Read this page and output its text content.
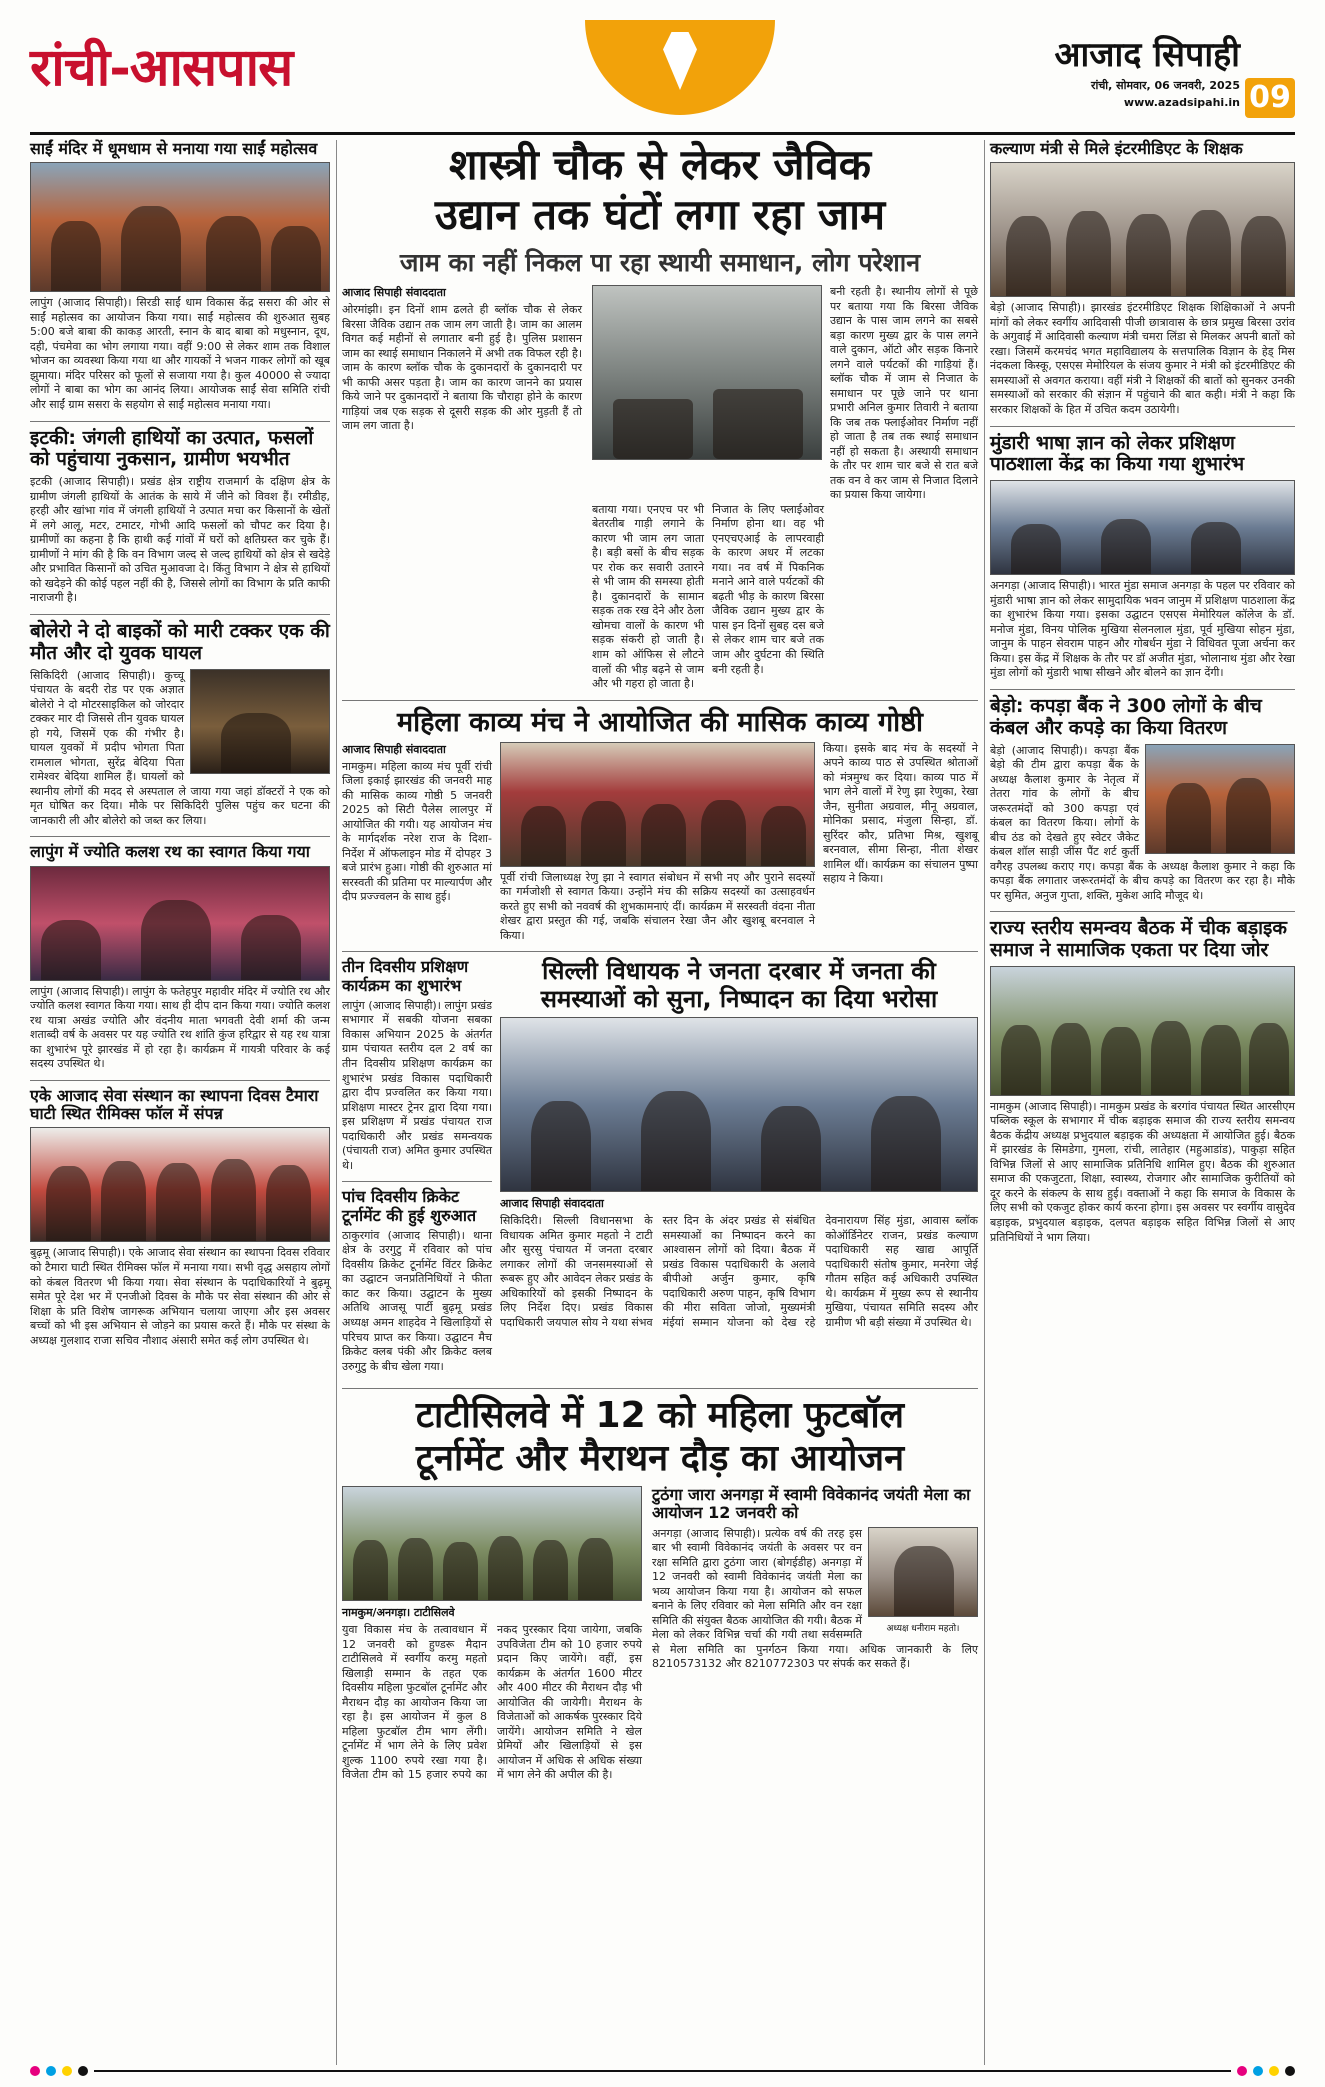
रांची-आसपास	आजाद सिपाही
रांची, सोमवार, 06 जनवरी, 2025
www.azadsipahi.in 09
साईं मंदिर में धूमधाम से मनाया गया साईं महोत्सव
लापुंग (आजाद सिपाही)। सिरडी साईं धाम विकास केंद्र ससरा की ओर से साईं महोत्सव का आयोजन किया गया। साईं महोत्सव की शुरुआत सुबह 5:00 बजे बाबा की काकड़ आरती, स्नान के बाद बाबा को मधुस्नान, दूध, दही, पंचमेवा का भोग लगाया गया। वहीं 9:00 से लेकर शाम तक विशाल भोजन का व्यवस्था किया गया था और गायकों ने भजन गाकर लोगों को खूब झुमाया। मंदिर परिसर को फूलों से सजाया गया है। कुल 40000 से ज्यादा लोगों ने बाबा का भोग का आनंद लिया। आयोजक साईं सेवा समिति रांची और साईं ग्राम ससरा के सहयोग से साईं महोत्सव मनाया गया।
इटकी: जंगली हाथियों का उत्पात, फसलों को पहुंचाया नुकसान, ग्रामीण भयभीत
इटकी (आजाद सिपाही)। प्रखंड क्षेत्र राष्ट्रीय राजमार्ग के दक्षिण क्षेत्र के ग्रामीण जंगली हाथियों के आतंक के साये में जीने को विवश हैं। रमीडीह, हरही और खांभा गांव में जंगली हाथियों ने उत्पात मचा कर किसानों के खेतों में लगे आलू, मटर, टमाटर, गोभी आदि फसलों को चौपट कर दिया है। ग्रामीणों का कहना है कि हाथी कई गांवों में घरों को क्षतिग्रस्त कर चुके हैं। ग्रामीणों ने मांग की है कि वन विभाग जल्द से जल्द हाथियों को क्षेत्र से खदेड़े और प्रभावित किसानों को उचित मुआवजा दे। किंतु विभाग ने क्षेत्र से हाथियों को खदेड़ने की कोई पहल नहीं की है, जिससे लोगों का विभाग के प्रति काफी नाराजगी है।
बोलेरो ने दो बाइकों को मारी टक्कर एक की मौत और दो युवक घायल
सिकिदिरी (आजाद सिपाही)। कुच्चू पंचायत के बदरी रोड पर एक अज्ञात बोलेरो ने दो मोटरसाइकिल को जोरदार टक्कर मार दी जिससे तीन युवक घायल हो गये, जिसमें एक की गंभीर है। घायल युवकों में प्रदीप भोगता पिता रामलाल भोगता, सुरेंद्र बेदिया पिता रामेश्वर बेदिया शामिल हैं। घायलों को स्थानीय लोगों की मदद से अस्पताल ले जाया गया जहां डॉक्टरों ने एक को मृत घोषित कर दिया। मौके पर सिकिदिरी पुलिस पहुंच कर घटना की जानकारी ली और बोलेरो को जब्त कर लिया।
लापुंग में ज्योति कलश रथ का स्वागत किया गया
लापुंग (आजाद सिपाही)। लापुंग के फतेहपुर महावीर मंदिर में ज्योति रथ और ज्योति कलश स्वागत किया गया। साथ ही दीप दान किया गया। ज्योति कलश रथ यात्रा अखंड ज्योति और वंदनीय माता भगवती देवी शर्मा की जन्म शताब्दी वर्ष के अवसर पर यह ज्योति रथ शांति कुंज हरिद्वार से यह रथ यात्रा का शुभारंभ पूरे झारखंड में हो रहा है। कार्यक्रम में गायत्री परिवार के कई सदस्य उपस्थित थे।
एके आजाद सेवा संस्थान का स्थापना दिवस टैमारा घाटी स्थित रीमिक्स फॉल में संपन्न
बुढ़मू (आजाद सिपाही)। एके आजाद सेवा संस्थान का स्थापना दिवस रविवार को टैमारा घाटी स्थित रीमिक्स फॉल में मनाया गया। सभी वृद्ध असहाय लोगों को कंबल वितरण भी किया गया। सेवा संस्थान के पदाधिकारियों ने बुढ़मू समेत पूरे देश भर में एनजीओ दिवस के मौके पर सेवा संस्थान की ओर से शिक्षा के प्रति विशेष जागरूक अभियान चलाया जाएगा और इस अवसर बच्चों को भी इस अभियान से जोड़ने का प्रयास करते हैं। मौके पर संस्था के अध्यक्ष गुलशाद राजा सचिव नौशाद अंसारी समेत कई लोग उपस्थित थे।
शास्त्री चौक से लेकर जैविक
उद्यान तक घंटों लगा रहा जाम
जाम का नहीं निकल पा रहा स्थायी समाधान, लोग परेशान
आजाद सिपाही संवाददाता
ओरमांझी। इन दिनों शाम ढलते ही ब्लॉक चौक से लेकर बिरसा जैविक उद्यान तक जाम लग जाती है। जाम का आलम विगत कई महीनों से लगातार बनी हुई है। पुलिस प्रशासन जाम का स्थाई समाधान निकालने में अभी तक विफल रही है। जाम के कारण ब्लॉक चौक के दुकानदारों के दुकानदारी पर भी काफी असर पड़ता है। जाम का कारण जानने का प्रयास किये जाने पर दुकानदारों ने बताया कि चौराहा होने के कारण गाड़ियां जब एक सड़क से दूसरी सड़क की ओर मुड़ती हैं तो जाम लग जाता है।
बनी रहती है। स्थानीय लोगों से पूछे पर बताया गया कि बिरसा जैविक उद्यान के पास जाम लगने का सबसे बड़ा कारण मुख्य द्वार के पास लगने वाले दुकान, ऑटो और सड़क किनारे लगने वाले पर्यटकों की गाड़ियां हैं। ब्लॉक चौक में जाम से निजात के समाधान पर पूछे जाने पर थाना प्रभारी अनिल कुमार तिवारी ने बताया कि जब तक फ्लाईओवर निर्माण नहीं हो जाता है तब तक स्थाई समाधान नहीं हो सकता है। अस्थायी समाधान के तौर पर शाम चार बजे से रात बजे तक वन वे कर जाम से निजात दिलाने का प्रयास किया जायेगा।
बताया गया। एनएच पर भी बेतरतीब गाड़ी लगाने के कारण भी जाम लग जाता है। बड़ी बसों के बीच सड़क पर रोक कर सवारी उतारने से भी जाम की समस्या होती है। दुकानदारों के सामान सड़क तक रख देने और ठेला खोमचा वालों के कारण भी सड़क संकरी हो जाती है। शाम को ऑफिस से लौटने वालों की भीड़ बढ़ने से जाम और भी गहरा हो जाता है।
निजात के लिए फ्लाईओवर निर्माण होना था। वह भी एनएचएआई के लापरवाही के कारण अधर में लटका गया। नव वर्ष में पिकनिक मनाने आने वाले पर्यटकों की बढ़ती भीड़ के कारण बिरसा जैविक उद्यान मुख्य द्वार के पास इन दिनों सुबह दस बजे से लेकर शाम चार बजे तक जाम और दुर्घटना की स्थिति बनी रहती है।
महिला काव्य मंच ने आयोजित की मासिक काव्य गोष्ठी
आजाद सिपाही संवाददाता
नामकुम। महिला काव्य मंच पूर्वी रांची जिला इकाई झारखंड की जनवरी माह की मासिक काव्य गोष्ठी 5 जनवरी 2025 को सिटी पैलेस लालपुर में आयोजित की गयी। यह आयोजन मंच के मार्गदर्शक नरेश राज के दिशा-निर्देश में ऑफलाइन मोड में दोपहर 3 बजे प्रारंभ हुआ। गोष्ठी की शुरुआत मां सरस्वती की प्रतिमा पर माल्यार्पण और दीप प्रज्ज्वलन के साथ हुई।
पूर्वी रांची जिलाध्यक्ष रेणु झा ने स्वागत संबोधन में सभी नए और पुराने सदस्यों का गर्मजोशी से स्वागत किया। उन्होंने मंच की सक्रिय सदस्यों का उत्साहवर्धन करते हुए सभी को नववर्ष की शुभकामनाएं दीं। कार्यक्रम में सरस्वती वंदना नीता शेखर द्वारा प्रस्तुत की गई, जबकि संचालन रेखा जैन और खुशबू बरनवाल ने किया।
किया। इसके बाद मंच के सदस्यों ने अपने काव्य पाठ से उपस्थित श्रोताओं को मंत्रमुग्ध कर दिया। काव्य पाठ में भाग लेने वालों में रेणु झा रेणुका, रेखा जैन, सुनीता अग्रवाल, मीनू अग्रवाल, मोनिका प्रसाद, मंजुला सिन्हा, डॉ. सुरिंदर कौर, प्रतिभा मिश्र, खुशबू बरनवाल, सीमा सिन्हा, नीता शेखर शामिल थीं। कार्यक्रम का संचालन पुष्पा सहाय ने किया।
तीन दिवसीय प्रशिक्षण कार्यक्रम का शुभारंभ
लापुंग (आजाद सिपाही)। लापुंग प्रखंड सभागार में सबकी योजना सबका विकास अभियान 2025 के अंतर्गत ग्राम पंचायत स्तरीय दल 2 वर्ष का तीन दिवसीय प्रशिक्षण कार्यक्रम का शुभारंभ प्रखंड विकास पदाधिकारी द्वारा दीप प्रज्वलित कर किया गया। प्रशिक्षण मास्टर ट्रेनर द्वारा दिया गया। इस प्रशिक्षण में प्रखंड पंचायत राज पदाधिकारी और प्रखंड समन्वयक (पंचायती राज) अमित कुमार उपस्थित थे।
पांच दिवसीय क्रिकेट टूर्नामेंट की हुई शुरुआत
ठाकुरगांव (आजाद सिपाही)। थाना क्षेत्र के उरगुटु में रविवार को पांच दिवसीय क्रिकेट टूर्नामेंट विंटर क्रिकेट का उद्घाटन जनप्रतिनिधियों ने फीता काट कर किया। उद्घाटन के मुख्य अतिथि आजसू पार्टी बुढ़मू प्रखंड अध्यक्ष अमन शाहदेव ने खिलाड़ियों से परिचय प्राप्त कर किया। उद्घाटन मैच क्रिकेट क्लब पंकी और क्रिकेट क्लब उरुगुटु के बीच खेला गया।
सिल्ली विधायक ने जनता दरबार में जनता की समस्याओं को सुना, निष्पादन का दिया भरोसा
आजाद सिपाही संवाददाता
सिकिदिरी। सिल्ली विधानसभा के विधायक अमित कुमार महतो ने टाटी और सुरसु पंचायत में जनता दरबार लगाकर लोगों की जनसमस्याओं से रूबरू हुए और आवेदन लेकर प्रखंड के अधिकारियों को इसकी निष्पादन के लिए निर्देश दिए। प्रखंड विकास पदाधिकारी जयपाल सोय ने यथा संभव स्तर दिन के अंदर प्रखंड से संबंधित समस्याओं का निष्पादन करने का आश्वासन लोगों को दिया। बैठक में प्रखंड विकास पदाधिकारी के अलावे बीपीओ अर्जुन कुमार, कृषि पदाधिकारी अरुण पाहन, कृषि विभाग की मीरा सविता जोजो, मुख्यमंत्री मंईयां सम्मान योजना को देख रहे देवनारायण सिंह मुंडा, आवास ब्लॉक कोऑर्डिनेटर राजन, प्रखंड कल्याण पदाधिकारी सह खाद्य आपूर्ति पदाधिकारी संतोष कुमार, मनरेगा जेई गौतम सहित कई अधिकारी उपस्थित थे। कार्यक्रम में मुख्य रूप से स्थानीय मुखिया, पंचायत समिति सदस्य और ग्रामीण भी बड़ी संख्या में उपस्थित थे।
टाटीसिलवे में 12 को महिला फुटबॉल
टूर्नामेंट और मैराथन दौड़ का आयोजन
नामकुम/अनगड़ा। टाटीसिलवे
युवा विकास मंच के तत्वावधान में 12 जनवरी को हुण्डरू मैदान टाटीसिलवे में स्वर्गीय करमु महतो खिलाड़ी सम्मान के तहत एक दिवसीय महिला फुटबॉल टूर्नामेंट और मैराथन दौड़ का आयोजन किया जा रहा है। इस आयोजन में कुल 8 महिला फुटबॉल टीम भाग लेंगी। टूर्नामेंट में भाग लेने के लिए प्रवेश शुल्क 1100 रुपये रखा गया है। विजेता टीम को 15 हजार रुपये का नकद पुरस्कार दिया जायेगा, जबकि उपविजेता टीम को 10 हजार रुपये प्रदान किए जायेंगे। वहीं, इस कार्यक्रम के अंतर्गत 1600 मीटर और 400 मीटर की मैराथन दौड़ भी आयोजित की जायेगी। मैराथन के विजेताओं को आकर्षक पुरस्कार दिये जायेंगे। आयोजन समिति ने खेल प्रेमियों और खिलाड़ियों से इस आयोजन में अधिक से अधिक संख्या में भाग लेने की अपील की है।
टुठंगा जारा अनगड़ा में स्वामी विवेकानंद जयंती मेला का आयोजन 12 जनवरी को
अध्यक्ष धनीराम महतो।
अनगड़ा (आजाद सिपाही)। प्रत्येक वर्ष की तरह इस बार भी स्वामी विवेकानंद जयंती के अवसर पर वन रक्षा समिति द्वारा टुठंगा जारा (बोगईडीह) अनगड़ा में 12 जनवरी को स्वामी विवेकानंद जयंती मेला का भव्य आयोजन किया गया है। आयोजन को सफल बनाने के लिए रविवार को मेला समिति और वन रक्षा समिति की संयुक्त बैठक आयोजित की गयी। बैठक में मेला को लेकर विभिन्न चर्चा की गयी तथा सर्वसम्मति से मेला समिति का पुनर्गठन किया गया। अधिक जानकारी के लिए 8210573132 और 8210772303 पर संपर्क कर सकते हैं।
कल्याण मंत्री से मिले इंटरमीडिएट के शिक्षक
बेड़ो (आजाद सिपाही)। झारखंड इंटरमीडिएट शिक्षक शिक्षिकाओं ने अपनी मांगों को लेकर स्वर्गीय आदिवासी पीजी छात्रावास के छात्र प्रमुख बिरसा उरांव के अगुवाई में आदिवासी कल्याण मंत्री चमरा लिंडा से मिलकर अपनी बातों को रखा। जिसमें करमचंद भगत महाविद्यालय के सत्तपालिक विज्ञान के हेड् मिस नंदकला किस्कू, एसएस मेमोरियल के संजय कुमार ने मंत्री को इंटरमीडिएट की समस्याओं से अवगत कराया। वहीं मंत्री ने शिक्षकों की बातों को सुनकर उनकी समस्याओं को सरकार की संज्ञान में पहुंचाने की बात कही। मंत्री ने कहा कि सरकार शिक्षकों के हित में उचित कदम उठायेगी।
मुंडारी भाषा ज्ञान को लेकर प्रशिक्षण पाठशाला केंद्र का किया गया शुभारंभ
अनगड़ा (आजाद सिपाही)। भारत मुंडा समाज अनगड़ा के पहल पर रविवार को मुंडारी भाषा ज्ञान को लेकर सामुदायिक भवन जानुम में प्रशिक्षण पाठशाला केंद्र का शुभारंभ किया गया। इसका उद्घाटन एसएस मेमोरियल कॉलेज के डॉ. मनोज मुंडा, विनय पोलिक मुखिया सेलनलाल मुंडा, पूर्व मुखिया सोहन मुंडा, जानुम के पाहन सेवराम पाहन और गोबर्धन मुंडा ने विधिवत पूजा अर्चना कर किया। इस केंद्र में शिक्षक के तौर पर डॉ अजीत मुंडा, भोलानाथ मुंडा और रेखा मुंडा लोगों को मुंडारी भाषा सीखने और बोलने का ज्ञान देंगी।
बेड़ो: कपड़ा बैंक ने 300 लोगों के बीच कंबल और कपड़े का किया वितरण
बेड़ो (आजाद सिपाही)। कपड़ा बैंक बेड़ो की टीम द्वारा कपड़ा बैंक के अध्यक्ष कैलाश कुमार के नेतृत्व में तेतरा गांव के लोगों के बीच जरूरतमंदों को 300 कपड़ा एवं कंबल का वितरण किया। लोगों के बीच ठंड को देखते हुए स्वेटर जैकेट कंबल शॉल साड़ी जींस पैंट शर्ट कुर्ती वगैरह उपलब्ध कराए गए। कपड़ा बैंक के अध्यक्ष कैलाश कुमार ने कहा कि कपड़ा बैंक लगातार जरूरतमंदों के बीच कपड़े का वितरण कर रहा है। मौके पर सुमित, अनुज गुप्ता, शक्ति, मुकेश आदि मौजूद थे।
राज्य स्तरीय समन्वय बैठक में चीक बड़ाइक समाज ने सामाजिक एकता पर दिया जोर
नामकुम (आजाद सिपाही)। नामकुम प्रखंड के बरगांव पंचायत स्थित आरसीएम पब्लिक स्कूल के सभागार में चीक बड़ाइक समाज की राज्य स्तरीय समन्वय बैठक केंद्रीय अध्यक्ष प्रभुदयाल बड़ाइक की अध्यक्षता में आयोजित हुई। बैठक में झारखंड के सिमडेगा, गुमला, रांची, लातेहार (महुआडांड), पाकुड़ा सहित विभिन्न जिलों से आए सामाजिक प्रतिनिधि शामिल हुए। बैठक की शुरुआत समाज की एकजुटता, शिक्षा, स्वास्थ्य, रोजगार और सामाजिक कुरीतियों को दूर करने के संकल्प के साथ हुई। वक्ताओं ने कहा कि समाज के विकास के लिए सभी को एकजुट होकर कार्य करना होगा। इस अवसर पर स्वर्गीय वासुदेव बड़ाइक, प्रभुदयाल बड़ाइक, दलपत बड़ाइक सहित विभिन्न जिलों से आए प्रतिनिधियों ने भाग लिया।
